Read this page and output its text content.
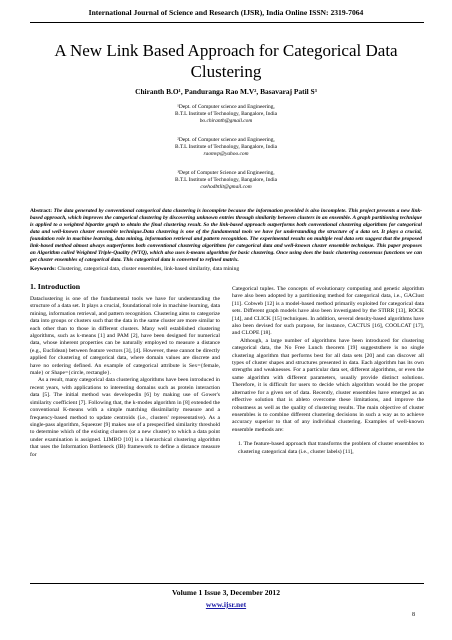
International Journal of Science and Research (IJSR), India Online ISSN: 2319-7064
A New Link Based Approach for Categorical Data Clustering
Chiranth B.O¹, Panduranga Rao M.V², Basavaraj Patil S³
¹Dept. of Computer science and Engineering,
B.T.L Institute of Technology, Bangalore, India
bo.chiranth@gmail.com
²Dept. of Computer science and Engineering,
B.T.L Institute of Technology, Bangalore, India
raomvp@yahoo.com
³Dept of Computer Science and Engineering,
B.T.L Institute of Technology, Bangalore, India
csehodbtlit@gmail.com
Abstract: The data generated by conventional categorical data clustering is incomplete because the information provided is also incomplete. This project presents a new link-based approach, which improves the categorical clustering by discovering unknown entries through similarity between clusters in an ensemble. A graph partitioning technique is applied to a weighted bipartite graph to obtain the final clustering result. So the link-based approach outperforms both conventional clustering algorithms for categorical data and well-known cluster ensemble technique.Data clustering is one of the fundamental tools we have for understanding the structure of a data set. It plays a crucial, foundation role in machine learning, data mining, information retrieval and pattern recognition. The experimental results on multiple real data sets suggest that the proposed link-based method almost always outperforms both conventional clustering algorithms for categorical data and well-known cluster ensemble technique. This paper proposes an Algorithm called Weighted Triple-Quality (WTQ), which also uses k-means algorithm for basic clustering. Once using does the basic clustering consensus functions we can get cluster ensembles of categorical data. This categorical data is converted to refined matrix.
Keywords: Clustering, categorical data, cluster ensembles, link-based similarity, data mining
1. Introduction

Dataclustering is one of the fundamental tools we have for understanding the structure of a data set. It plays a crucial, foundational role in machine learning, data mining, information retrieval, and pattern recognition. Clustering aims to categorize data into groups or clusters such that the data in the same cluster are more similar to each other than to those in different clusters. Many well established clustering algorithms, such as k-means [1] and PAM [2], have been designed for numerical data, whose inherent properties can be naturally employed to measure a distance (e.g., Euclidean) between feature vectors [3], [4]. However, these cannot be directly applied for clustering of categorical data, where domain values are discrete and have no ordering defined. An example of categorical attribute is Sex={female, male} or Shape={circle, rectangle}.

As a result, many categorical data clustering algorithms have been introduced in recent years, with applications to interesting domains such as protein interaction data [5]. The initial method was developedin [6] by making use of Gower's similarity coefficient [7]. Following that, the k-modes algorithm in [8] extended the conventional K-means with a simple matching dissimilarity measure and a frequency-based method to update centroids (i.e., clusters' representative). As a single-pass algorithm, Squeezer [9] makes use of a prespecified similarity threshold to determine which of the existing clusters (or a new cluster) to which a data point under examination is assigned. LIMBO [10] is a hierarchical clustering algorithm that uses the Information Bottleneck (IB) framework to define a distance measure for

Categorical tuples. The concepts of evolutionary computing and genetic algorithm have also been adopted by a partitioning method for categorical data, i.e., GAClust [11]. Cobweb [12] is a model-based method primarily exploited for categorical data sets. Different graph models have also been investigated by the STIRR [13], ROCK [14], and CLICK [15] techniques. In addition, several density-based algorithms have also been devised for such purpose, for instance, CACTUS [16], COOLCAT [17], and CLOPE [18].

Although, a large number of algorithms have been introduced for clustering categorical data, the No Free Lunch theorem [19] suggeststhere is no single clustering algorithm that performs best for all data sets [20] and can discover all types of cluster shapes and structures presented in data. Each algorithm has its own strengths and weaknesses. For a particular data set, different algorithms, or even the same algorithm with different parameters, usually provide distinct solutions. Therefore, it is difficult for users to decide which algorithm would be the proper alternative for a given set of data. Recently, cluster ensembles have emerged as an effective solution that is ableto overcome these limitations, and improve the robustness as well as the quality of clustering results. The main objective of cluster ensembles is to combine different clustering decisions in such a way as to achieve accuracy superior to that of any individual clustering. Examples of well-known ensemble methods are:

1. The feature-based approach that transforms the problem of cluster ensembles to clustering categorical data (i.e., cluster labels) [11],

Volume 1 Issue 3, December 2012
www.ijsr.net
8
